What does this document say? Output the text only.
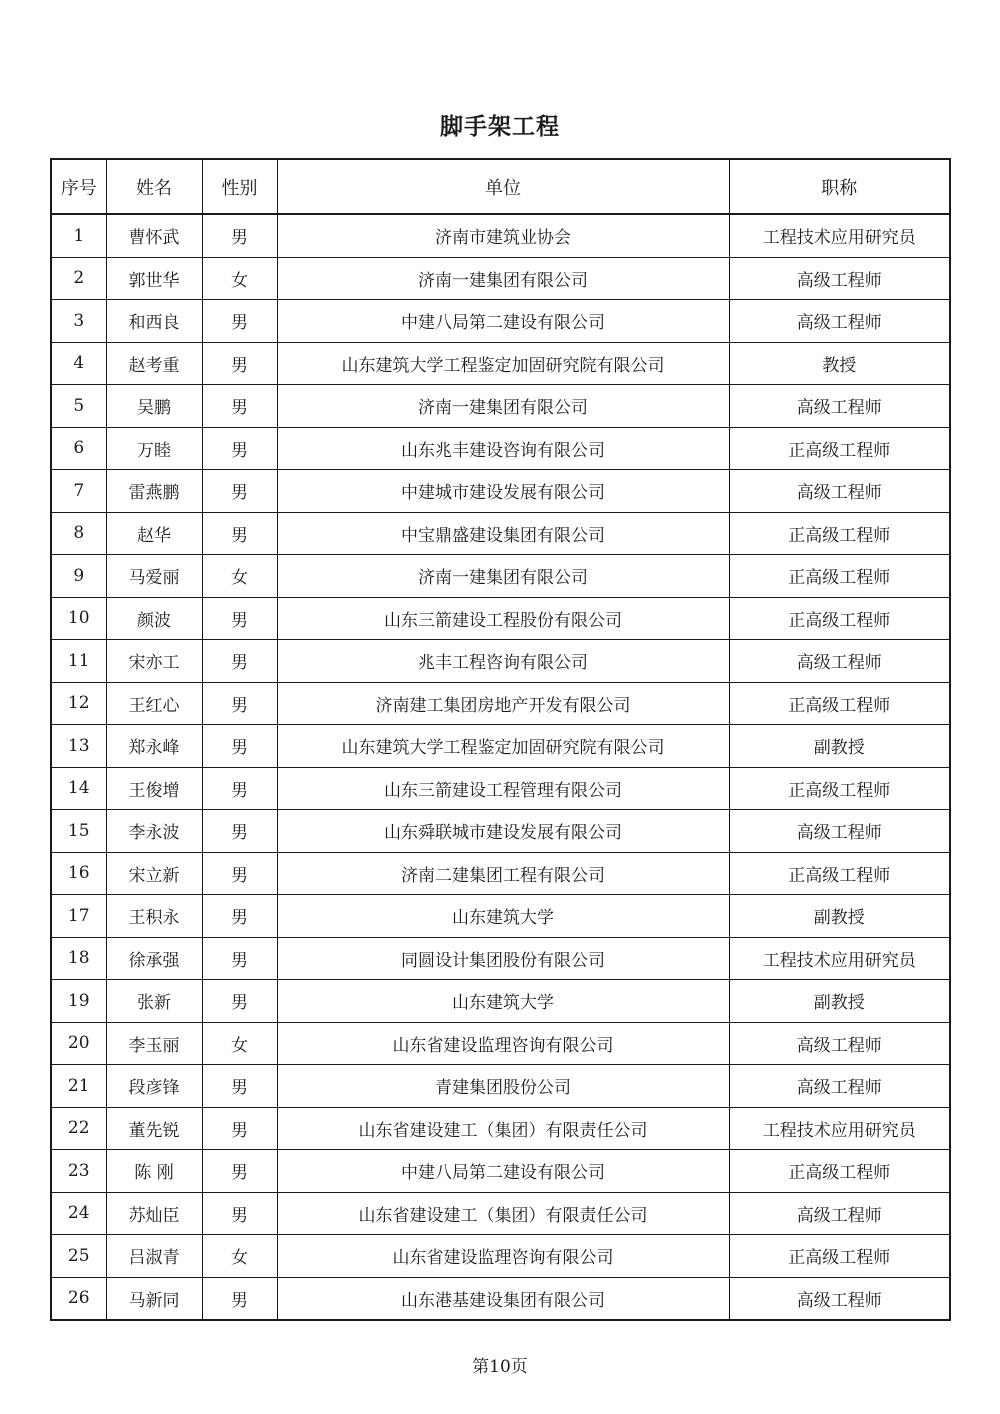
脚手架工程
序号	姓名	性别	单位	职称
1	曹怀武	男	济南市建筑业协会	工程技术应用研究员
2	郭世华	女	济南一建集团有限公司	高级工程师
3	和西良	男	中建八局第二建设有限公司	高级工程师
4	赵考重	男	山东建筑大学工程鉴定加固研究院有限公司	教授
5	吴鹏	男	济南一建集团有限公司	高级工程师
6	万睦	男	山东兆丰建设咨询有限公司	正高级工程师
7	雷燕鹏	男	中建城市建设发展有限公司	高级工程师
8	赵华	男	中宝鼎盛建设集团有限公司	正高级工程师
9	马爱丽	女	济南一建集团有限公司	正高级工程师
10	颜波	男	山东三箭建设工程股份有限公司	正高级工程师
11	宋亦工	男	兆丰工程咨询有限公司	高级工程师
12	王红心	男	济南建工集团房地产开发有限公司	正高级工程师
13	郑永峰	男	山东建筑大学工程鉴定加固研究院有限公司	副教授
14	王俊增	男	山东三箭建设工程管理有限公司	正高级工程师
15	李永波	男	山东舜联城市建设发展有限公司	高级工程师
16	宋立新	男	济南二建集团工程有限公司	正高级工程师
17	王积永	男	山东建筑大学	副教授
18	徐承强	男	同圆设计集团股份有限公司	工程技术应用研究员
19	张新	男	山东建筑大学	副教授
20	李玉丽	女	山东省建设监理咨询有限公司	高级工程师
21	段彦锋	男	青建集团股份公司	高级工程师
22	董先锐	男	山东省建设建工（集团）有限责任公司	工程技术应用研究员
23	陈 刚	男	中建八局第二建设有限公司	正高级工程师
24	苏灿臣	男	山东省建设建工（集团）有限责任公司	高级工程师
25	吕淑青	女	山东省建设监理咨询有限公司	正高级工程师
26	马新同	男	山东港基建设集团有限公司	高级工程师
第10页
